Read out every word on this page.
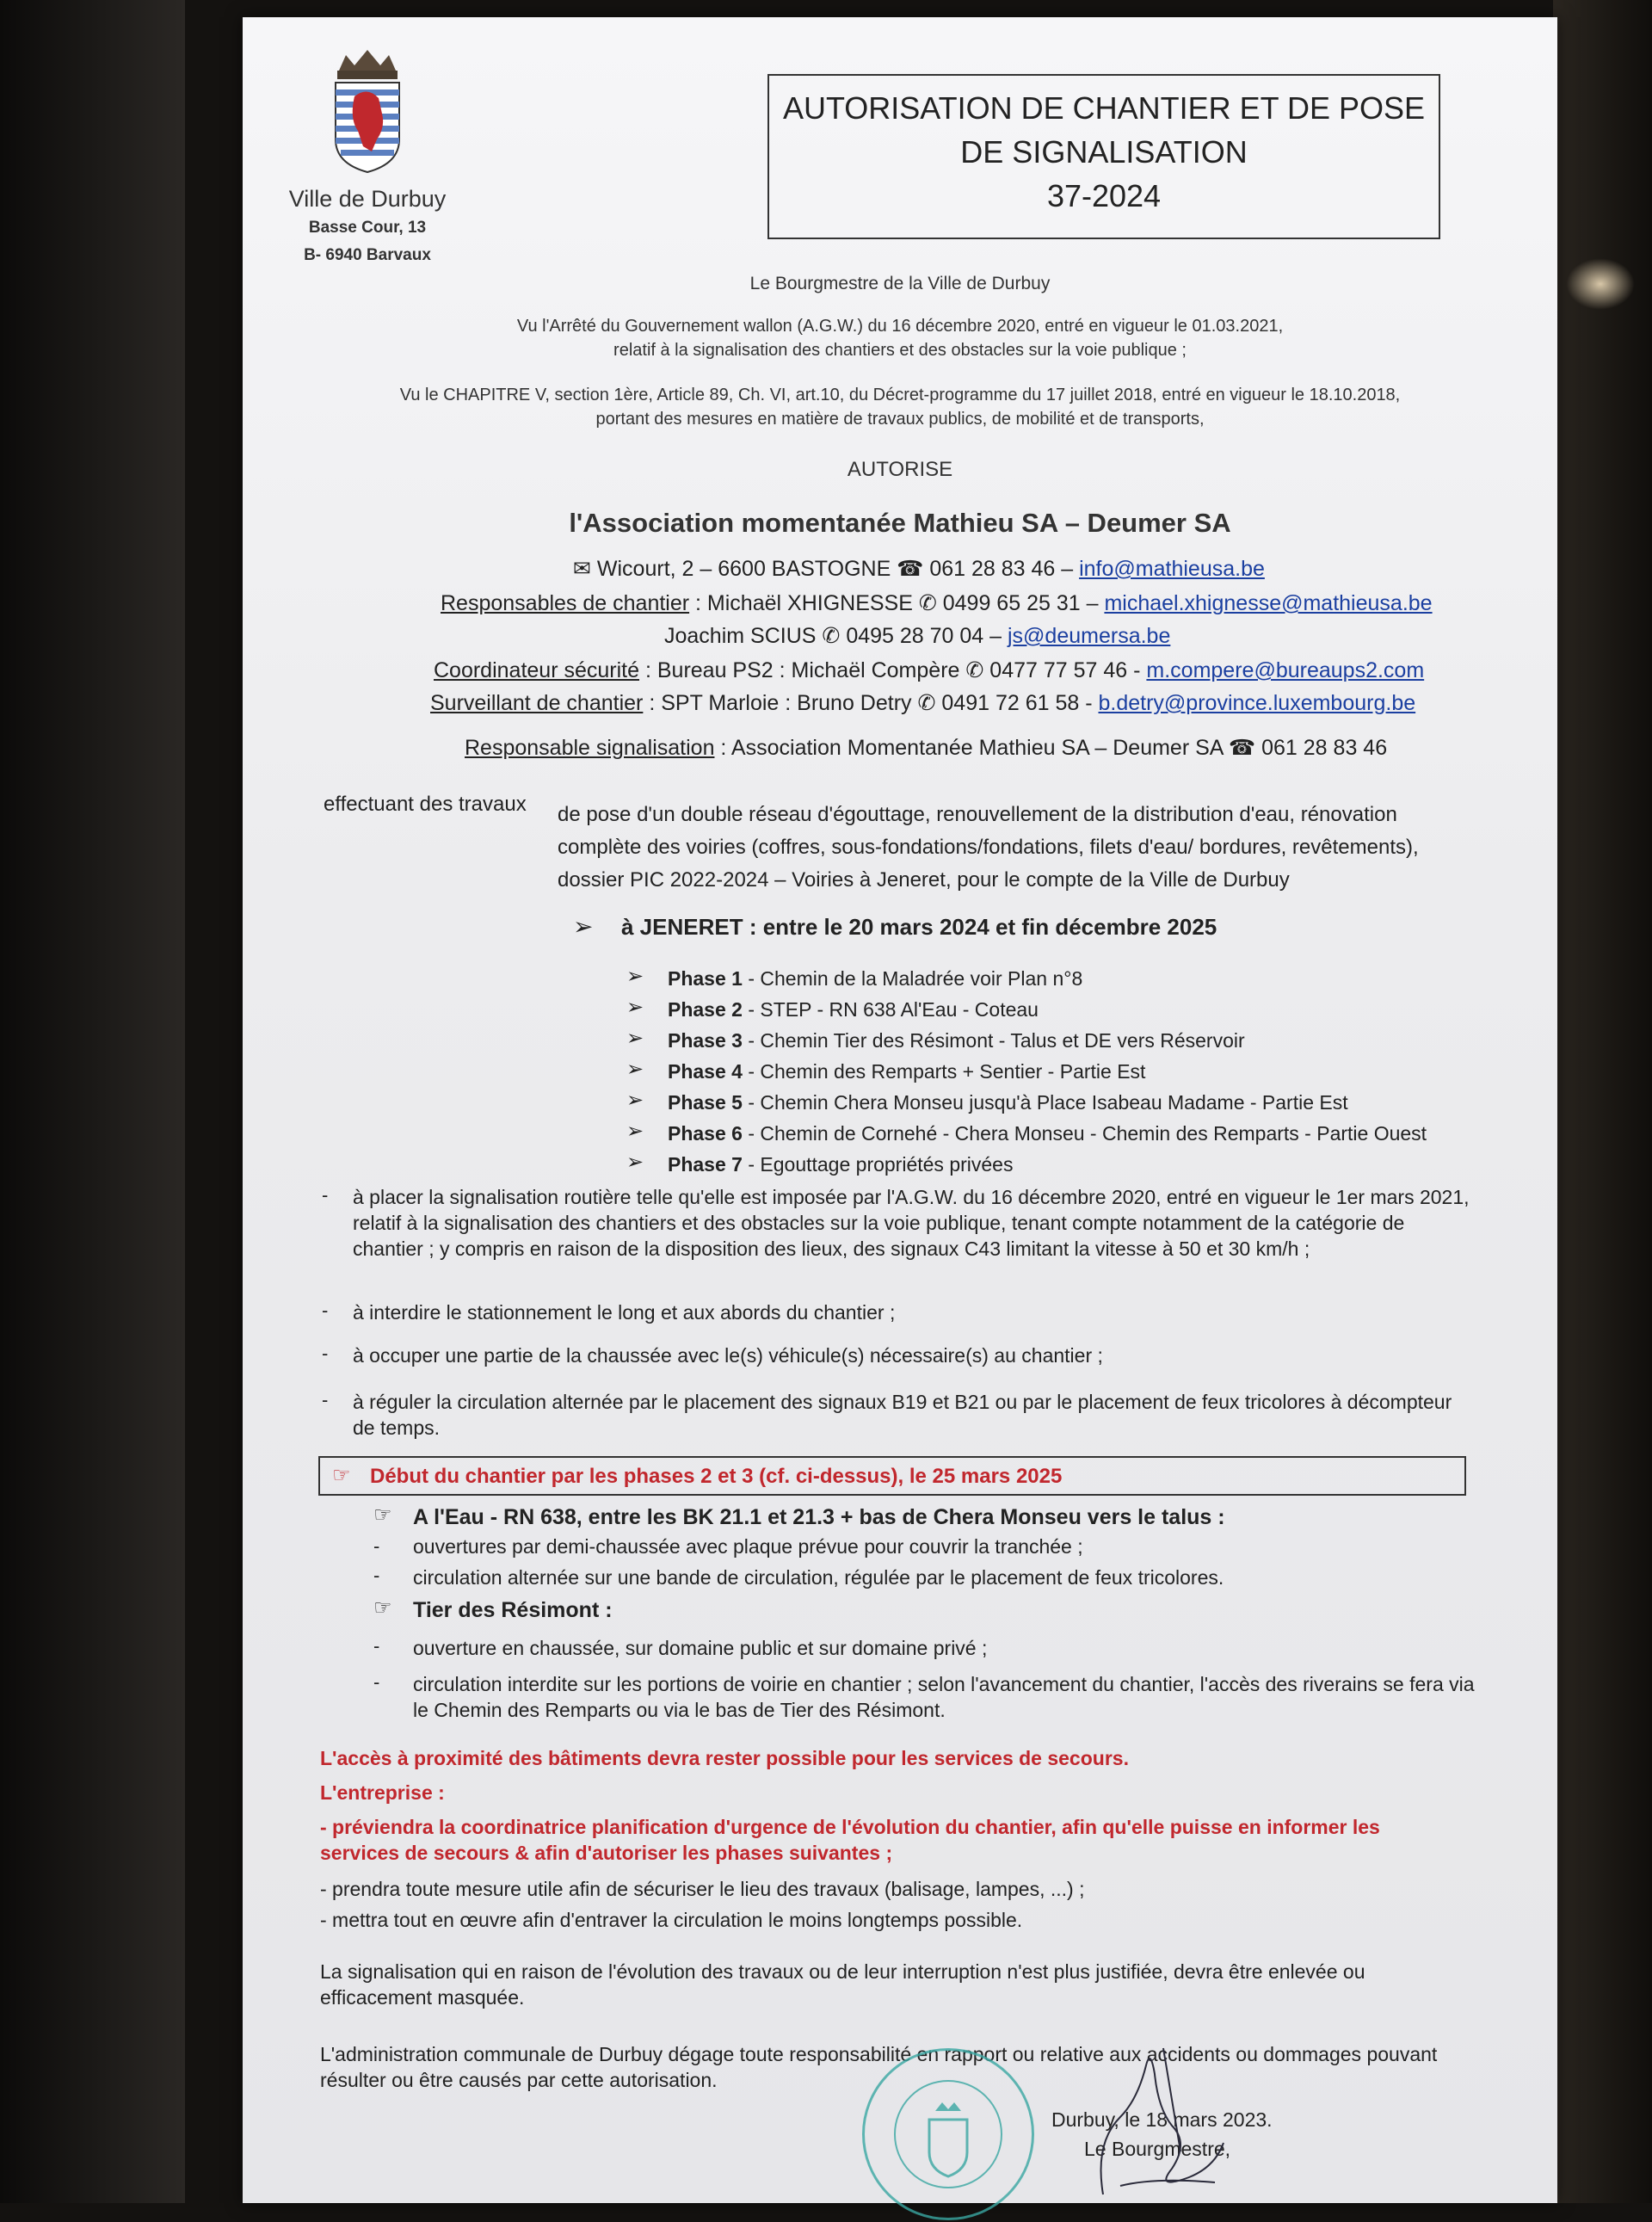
Ville de Durbuy
Basse Cour, 13
B- 6940 Barvaux
AUTORISATION DE CHANTIER ET DE POSE
DE SIGNALISATION
37-2024
Le Bourgmestre de la Ville de Durbuy
Vu l'Arrêté du Gouvernement wallon (A.G.W.) du 16 décembre 2020, entré en vigueur le 01.03.2021,
relatif à la signalisation des chantiers et des obstacles sur la voie publique ;
Vu le CHAPITRE V, section 1ère, Article 89, Ch. VI, art.10, du Décret-programme du 17 juillet 2018, entré en vigueur le 18.10.2018,
portant des mesures en matière de travaux publics, de mobilité et de transports,
AUTORISE
l'Association momentanée Mathieu SA – Deumer SA
✉ Wicourt, 2 – 6600 BASTOGNE ☎ 061 28 83 46 – info@mathieusa.be
Responsables de chantier : Michaël XHIGNESSE ✆ 0499 65 25 31 – michael.xhignesse@mathieusa.be
Joachim SCIUS ✆ 0495 28 70 04 – js@deumersa.be
Coordinateur sécurité : Bureau PS2 : Michaël Compère ✆ 0477 77 57 46 - m.compere@bureaups2.com
Surveillant de chantier : SPT Marloie : Bruno Detry ✆ 0491 72 61 58 - b.detry@province.luxembourg.be
Responsable signalisation : Association Momentanée Mathieu SA – Deumer SA ☎ 061 28 83 46
effectuant des travaux de pose d'un double réseau d'égouttage, renouvellement de la distribution d'eau, rénovation
complète des voiries (coffres, sous-fondations/fondations, filets d'eau/ bordures, revêtements),
dossier PIC 2022-2024 – Voiries à Jeneret, pour le compte de la Ville de Durbuy
➢ à JENERET : entre le 20 mars 2024 et fin décembre 2025
➢ Phase 1 - Chemin de la Maladrée voir Plan n°8
➢ Phase 2 - STEP - RN 638 Al'Eau - Coteau
➢ Phase 3 - Chemin Tier des Résimont - Talus et DE vers Réservoir
➢ Phase 4 - Chemin des Remparts + Sentier - Partie Est
➢ Phase 5 - Chemin Chera Monseu jusqu'à Place Isabeau Madame - Partie Est
➢ Phase 6 - Chemin de Cornehé - Chera Monseu - Chemin des Remparts - Partie Ouest
➢ Phase 7 - Egouttage propriétés privées
- à placer la signalisation routière telle qu'elle est imposée par l'A.G.W. du 16 décembre 2020, entré en vigueur le 1er mars 2021, relatif à la signalisation des chantiers et des obstacles sur la voie publique, tenant compte notamment de la catégorie de chantier ; y compris en raison de la disposition des lieux, des signaux C43 limitant la vitesse à 50 et 30 km/h ;
- à interdire le stationnement le long et aux abords du chantier ;
- à occuper une partie de la chaussée avec le(s) véhicule(s) nécessaire(s) au chantier ;
- à réguler la circulation alternée par le placement des signaux B19 et B21 ou par le placement de feux tricolores à décompteur de temps.
☞ Début du chantier par les phases 2 et 3 (cf. ci-dessus), le 25 mars 2025
☞ A l'Eau - RN 638, entre les BK 21.1 et 21.3 + bas de Chera Monseu vers le talus :
- ouvertures par demi-chaussée avec plaque prévue pour couvrir la tranchée ;
- circulation alternée sur une bande de circulation, régulée par le placement de feux tricolores.
☞ Tier des Résimont :
- ouverture en chaussée, sur domaine public et sur domaine privé ;
- circulation interdite sur les portions de voirie en chantier ; selon l'avancement du chantier, l'accès des riverains se fera via le Chemin des Remparts ou via le bas de Tier des Résimont.
L'accès à proximité des bâtiments devra rester possible pour les services de secours.
L'entreprise :
- préviendra la coordinatrice planification d'urgence de l'évolution du chantier, afin qu'elle puisse en informer les services de secours & afin d'autoriser les phases suivantes ;
- prendra toute mesure utile afin de sécuriser le lieu des travaux (balisage, lampes, ...) ;
- mettra tout en œuvre afin d'entraver la circulation le moins longtemps possible.
La signalisation qui en raison de l'évolution des travaux ou de leur interruption n'est plus justifiée, devra être enlevée ou efficacement masquée.
L'administration communale de Durbuy dégage toute responsabilité en rapport ou relative aux accidents ou dommages pouvant résulter ou être causés par cette autorisation.
Durbuy, le 18 mars 2023.
Le Bourgmestre,
